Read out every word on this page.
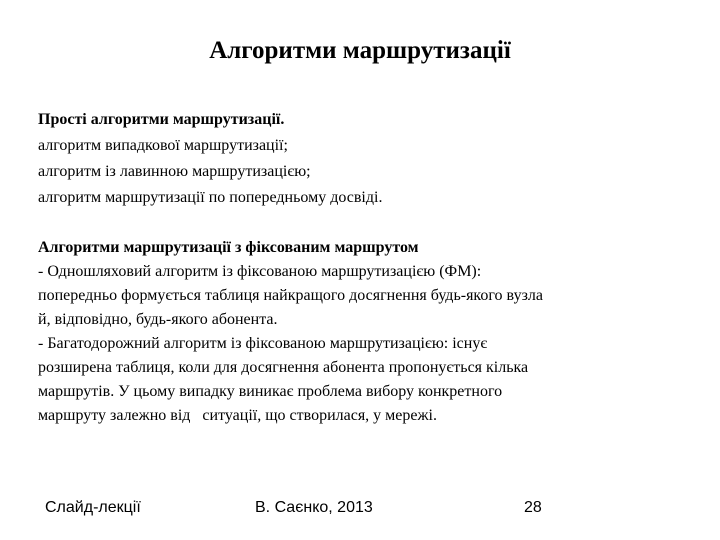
Алгоритми маршрутизації

Прості алгоритми маршрутизації.

алгоритм випадкової маршрутизації;

алгоритм із лавинною маршрутизацією;

алгоритм маршрутизації по попередньому досвіді.

Алгоритми маршрутизації з фіксованим маршрутом

- Одношляховий алгоритм із фіксованою маршрутизацією (ФМ):

попередньо формується таблиця найкращого досягнення будь-якого вузла

й, відповідно, будь-якого абонента.

- Багатодорожний алгоритм із фіксованою маршрутизацією: існує

розширена таблиця, коли для досягнення абонента пропонується кілька

маршрутів. У цьому випадку виникає проблема вибору конкретного

маршруту залежно від   ситуації, що створилася, у мережі.

Слайд-лекції	В. Саєнко, 2013	28
